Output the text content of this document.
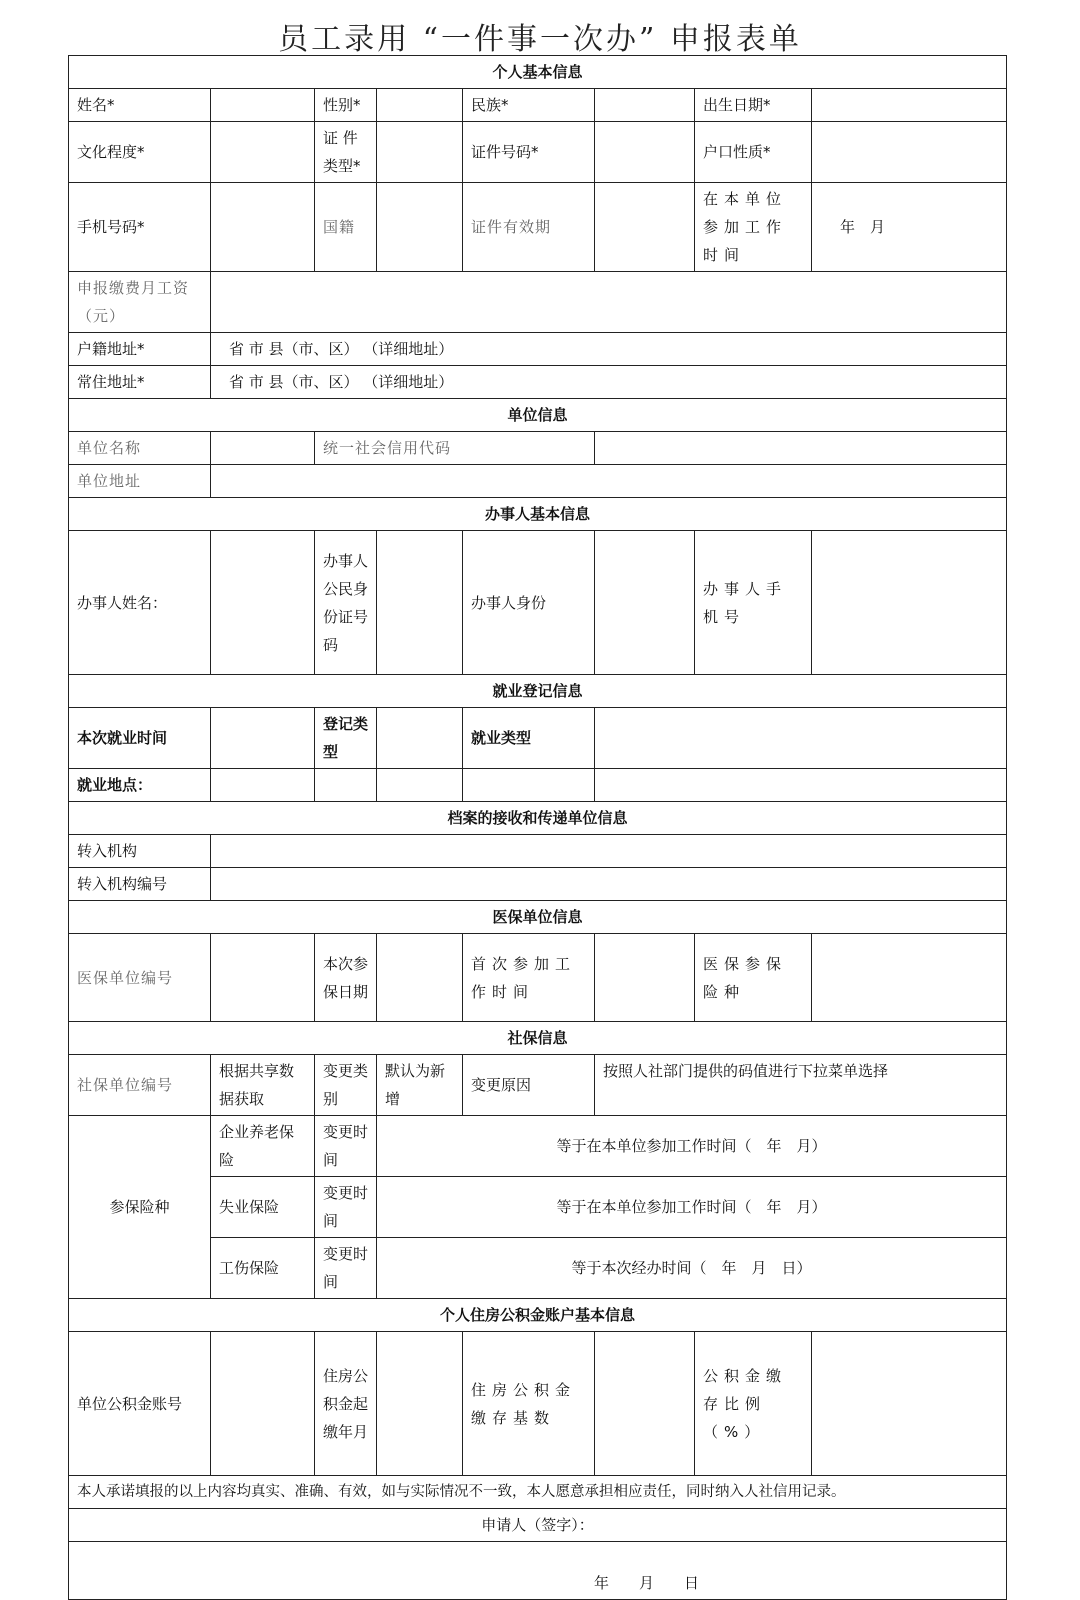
员工录用 “一件事一次办” 申报表单
个人基本信息							
姓名*		性别*		民族*		出生日期*	
文化程度*		证 件 类型*		证件号码*		户口性质*	
手机号码*		国籍		证件有效期		在本单位参加工作时间	年　月
申报缴费月工资（元）							
户籍地址*	省 市 县（市、区） （详细地址）						
常住地址*	省 市 县（市、区） （详细地址）						
单位信息							
单位名称		统一社会信用代码					
单位地址							
办事人基本信息							
办事人姓名：		办事人公民身份证号码		办事人身份		办事人手机号	
就业登记信息							
本次就业时间		登记类型		就业类型			
就业地点：							
档案的接收和传递单位信息							
转入机构							
转入机构编号							
医保单位信息							
医保单位编号		本次参保日期		首次参加工作时间		医保参保险种	
社保信息							
社保单位编号	根据共享数据获取	变更类别	默认为新增	变更原因	按照人社部门提供的码值进行下拉菜单选择		
参保险种	企业养老保险	变更时间	等于在本单位参加工作时间（　年　月）				
	失业保险	变更时间	等于在本单位参加工作时间（　年　月）				
	工伤保险	变更时间	等于本次经办时间（　年　月　日）				
个人住房公积金账户基本信息							
单位公积金账号		住房公积金起缴年月		住房公积金缴存基数		公积金缴存比例（%）	
本人承诺填报的以上内容均真实、准确、有效，如与实际情况不一致，本人愿意承担相应责任，同时纳入人社信用记录。							
申请人（签字）：							
年　　月　　日							
